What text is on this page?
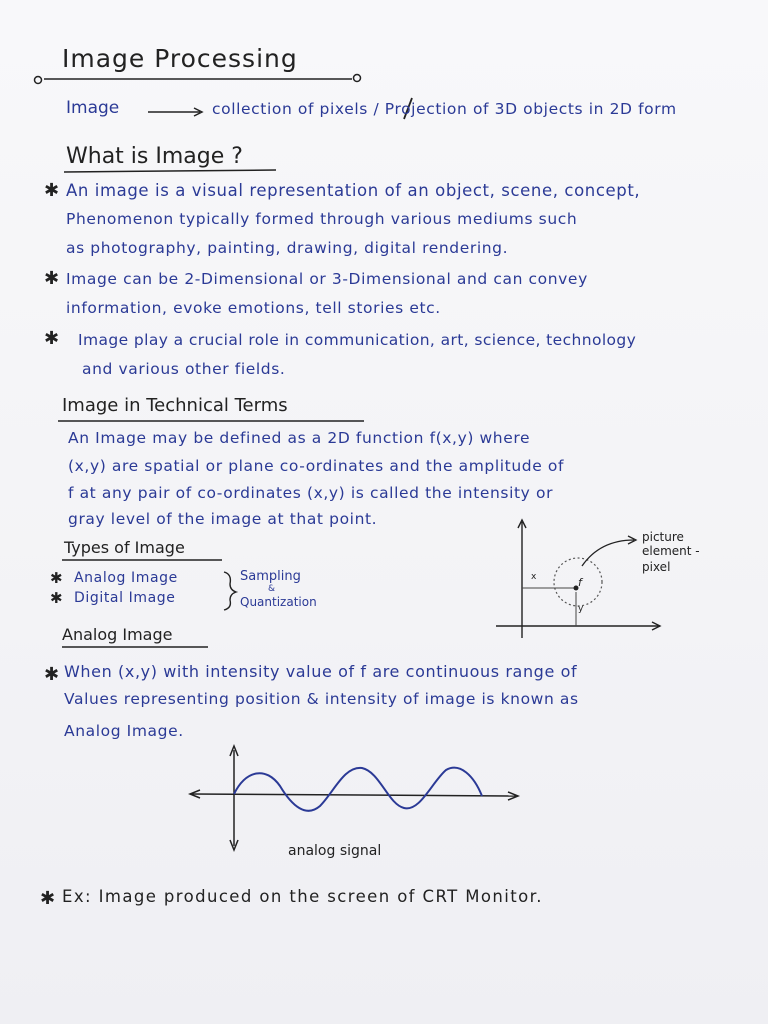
Image Processing
Image	collection of pixels / Projection of 3D objects in 2D form
What is Image ?
✱ An image is a visual representation of an object, scene, concept,
Phenomenon typically formed through various mediums such
as photography, painting, drawing, digital rendering.
✱ Image can be 2-Dimensional or 3-Dimensional and can convey
information, evoke emotions, tell stories etc.
✱ Image play a crucial role in communication, art, science, technology
and various other fields.
Image in Technical Terms
An Image may be defined as a 2D function f(x,y) where
(x,y) are spatial or plane co-ordinates and the amplitude of
f at any pair of co-ordinates (x,y) is called the intensity or
gray level of the image at that point.
Types of Image
✱ Analog Image
✱ Digital Image
Sampling
&
Quantization
picture
element -
pixel
f
x
y
Analog Image
✱ When (x,y) with intensity value of f are continuous range of
Values representing position & intensity of image is known as
Analog Image.
analog signal
✱ Ex: Image produced on the screen of CRT Monitor.
